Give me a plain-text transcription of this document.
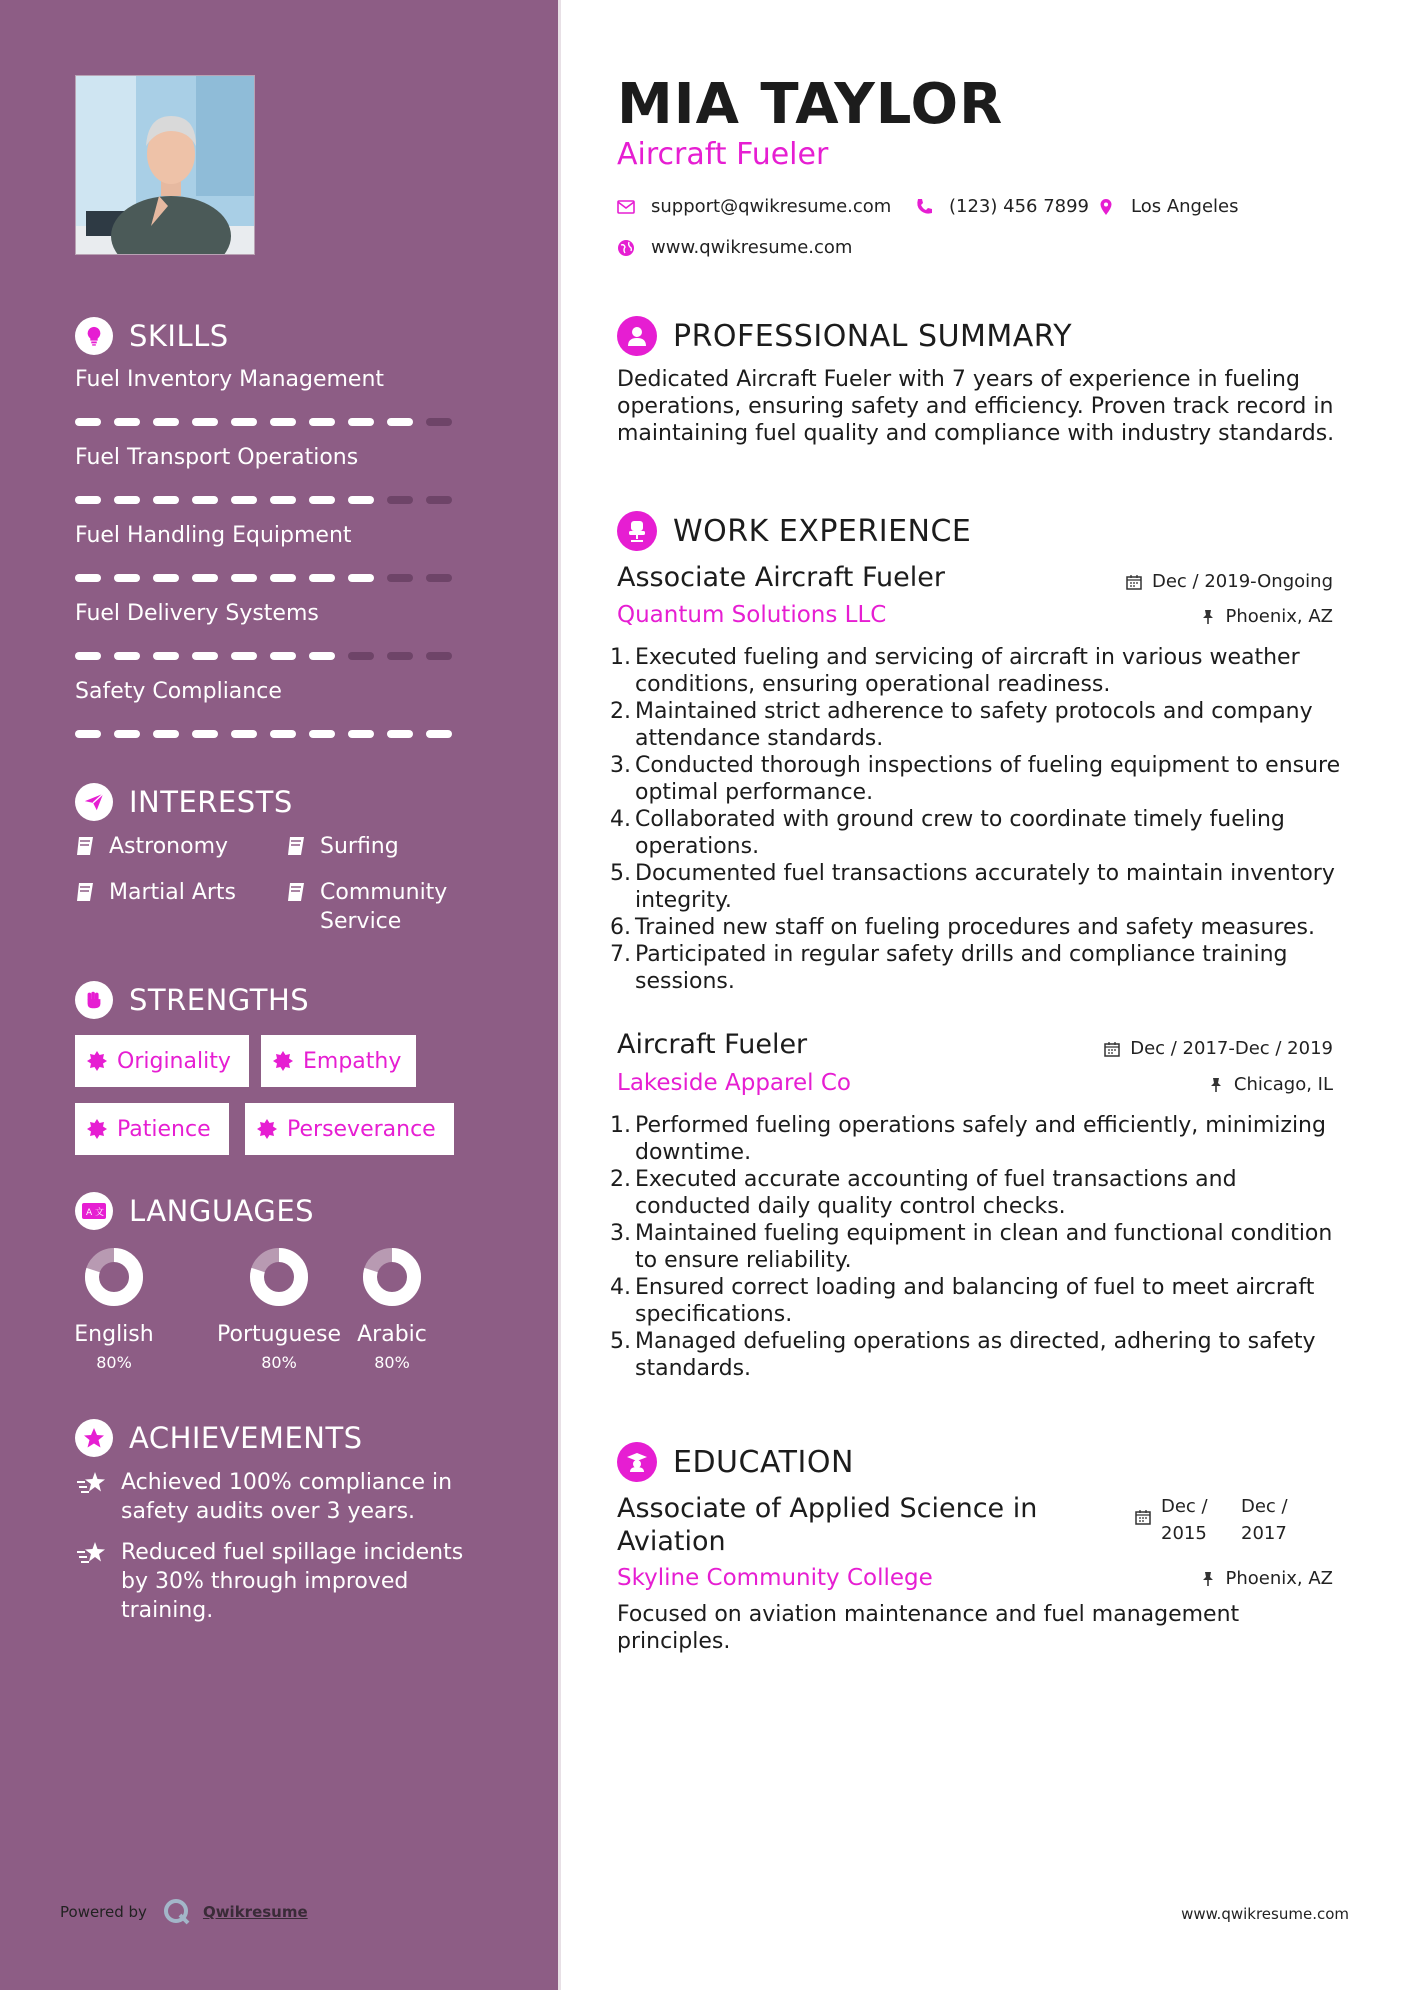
SKILLS
Fuel Inventory Management
Fuel Transport Operations
Fuel Handling Equipment
Fuel Delivery Systems
Safety Compliance
INTERESTS
Astronomy	Surfing
Martial Arts	Community Service
STRENGTHS
Originality	Empathy
Patience	Perseverance
A 文 LANGUAGES
English
80%
Portuguese
80%
Arabic
80%
ACHIEVEMENTS
Achieved 100% compliance in safety audits over 3 years.
Reduced fuel spillage incidents by 30% through improved training.
Powered by	Qwikresume
MIA TAYLOR
Aircraft Fueler
support@qwikresume.com	(123) 456 7899 Los Angeles
www.qwikresume.com
PROFESSIONAL SUMMARY
Dedicated Aircraft Fueler with 7 years of experience in fueling operations, ensuring safety and efficiency. Proven track record in maintaining fuel quality and compliance with industry standards.
WORK EXPERIENCE
Associate Aircraft Fueler	Dec / 2019-Ongoing
Quantum Solutions LLC	Phoenix, AZ
1. Executed fueling and servicing of aircraft in various weather conditions, ensuring operational readiness.
2. Maintained strict adherence to safety protocols and company attendance standards.
3. Conducted thorough inspections of fueling equipment to ensure optimal performance.
4. Collaborated with ground crew to coordinate timely fueling operations.
5. Documented fuel transactions accurately to maintain inventory integrity.
6. Trained new staff on fueling procedures and safety measures.
7. Participated in regular safety drills and compliance training sessions.
Aircraft Fueler	Dec / 2017-Dec / 2019
Lakeside Apparel Co	Chicago, IL
1. Performed fueling operations safely and efficiently, minimizing downtime.
2. Executed accurate accounting of fuel transactions and conducted daily quality control checks.
3. Maintained fueling equipment in clean and functional condition to ensure reliability.
4. Ensured correct loading and balancing of fuel to meet aircraft specifications.
5. Managed defueling operations as directed, adhering to safety standards.
EDUCATION
Associate of Applied Science in
Aviation
Dec /
2015
Dec /
2017
Skyline Community College	Phoenix, AZ
Focused on aviation maintenance and fuel management principles.
www.qwikresume.com
